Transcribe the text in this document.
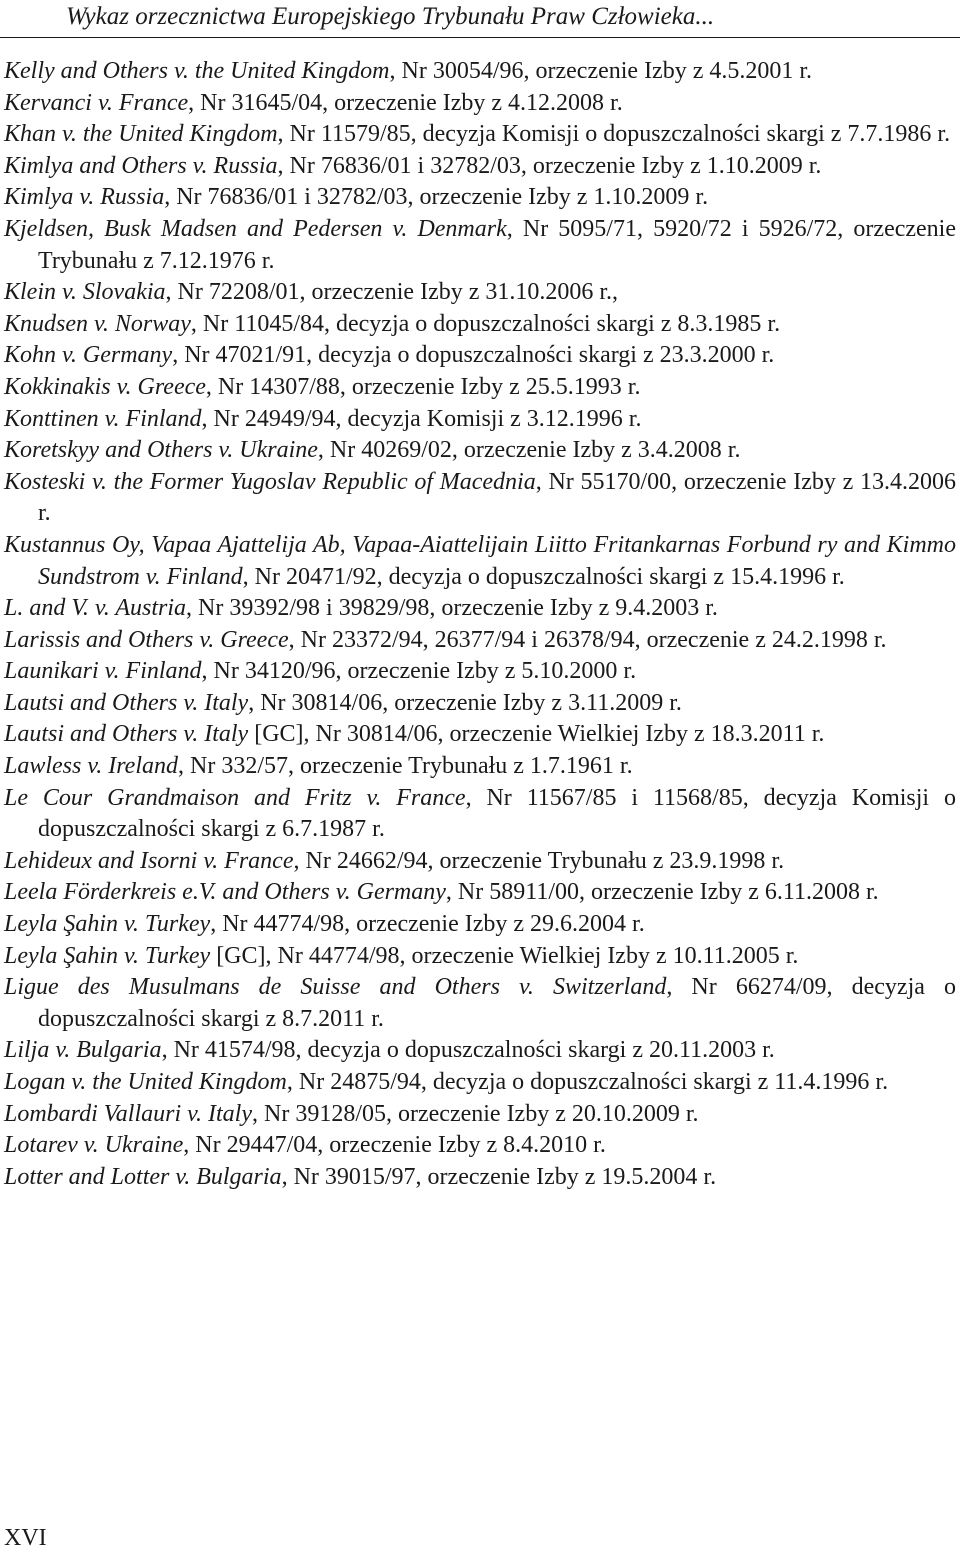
Wykaz orzecznictwa Europejskiego Trybunału Praw Człowieka...
Kelly and Others v. the United Kingdom, Nr 30054/96, orzeczenie Izby z 4.5.2001 r.
Kervanci v. France, Nr 31645/04, orzeczenie Izby z 4.12.2008 r.
Khan v. the United Kingdom, Nr 11579/85, decyzja Komisji o dopuszczalności skargi z 7.7.1986 r.
Kimlya and Others v. Russia, Nr 76836/01 i 32782/03, orzeczenie Izby z 1.10.2009 r.
Kimlya v. Russia, Nr 76836/01 i 32782/03, orzeczenie Izby z 1.10.2009 r.
Kjeldsen, Busk Madsen and Pedersen v. Denmark, Nr 5095/71, 5920/72 i 5926/72, orzeczenie Trybunału z 7.12.1976 r.
Klein v. Slovakia, Nr 72208/01, orzeczenie Izby z 31.10.2006 r.,
Knudsen v. Norway, Nr 11045/84, decyzja o dopuszczalności skargi z 8.3.1985 r.
Kohn v. Germany, Nr 47021/91, decyzja o dopuszczalności skargi z 23.3.2000 r.
Kokkinakis v. Greece, Nr 14307/88, orzeczenie Izby z 25.5.1993 r.
Konttinen v. Finland, Nr 24949/94, decyzja Komisji z 3.12.1996 r.
Koretskyy and Others v. Ukraine, Nr 40269/02, orzeczenie Izby z 3.4.2008 r.
Kosteski v. the Former Yugoslav Republic of Macednia, Nr 55170/00, orzeczenie Izby z 13.4.2006 r.
Kustannus Oy, Vapaa Ajattelija Ab, Vapaa-Aiattelijain Liitto Fritankarnas Forbund ry and Kimmo Sundstrom v. Finland, Nr 20471/92, decyzja o dopuszczalności skargi z 15.4.1996 r.
L. and V. v. Austria, Nr 39392/98 i 39829/98, orzeczenie Izby z 9.4.2003 r.
Larissis and Others v. Greece, Nr 23372/94, 26377/94 i 26378/94, orzeczenie z 24.2.1998 r.
Launikari v. Finland, Nr 34120/96, orzeczenie Izby z 5.10.2000 r.
Lautsi and Others v. Italy, Nr 30814/06, orzeczenie Izby z 3.11.2009 r.
Lautsi and Others v. Italy [GC], Nr 30814/06, orzeczenie Wielkiej Izby z 18.3.2011 r.
Lawless v. Ireland, Nr 332/57, orzeczenie Trybunału z 1.7.1961 r.
Le Cour Grandmaison and Fritz v. France, Nr 11567/85 i 11568/85, decyzja Komisji o dopuszczalności skargi z 6.7.1987 r.
Lehideux and Isorni v. France, Nr 24662/94, orzeczenie Trybunału z 23.9.1998 r.
Leela Förderkreis e.V. and Others v. Germany, Nr 58911/00, orzeczenie Izby z 6.11.2008 r.
Leyla Şahin v. Turkey, Nr 44774/98, orzeczenie Izby z 29.6.2004 r.
Leyla Şahin v. Turkey [GC], Nr 44774/98, orzeczenie Wielkiej Izby z 10.11.2005 r.
Ligue des Musulmans de Suisse and Others v. Switzerland, Nr 66274/09, decyzja o dopuszczalności skargi z 8.7.2011 r.
Lilja v. Bulgaria, Nr 41574/98, decyzja o dopuszczalności skargi z 20.11.2003 r.
Logan v. the United Kingdom, Nr 24875/94, decyzja o dopuszczalności skargi z 11.4.1996 r.
Lombardi Vallauri v. Italy, Nr 39128/05, orzeczenie Izby z 20.10.2009 r.
Lotarev v. Ukraine, Nr 29447/04, orzeczenie Izby z 8.4.2010 r.
Lotter and Lotter v. Bulgaria, Nr 39015/97, orzeczenie Izby z 19.5.2004 r.
XVI
